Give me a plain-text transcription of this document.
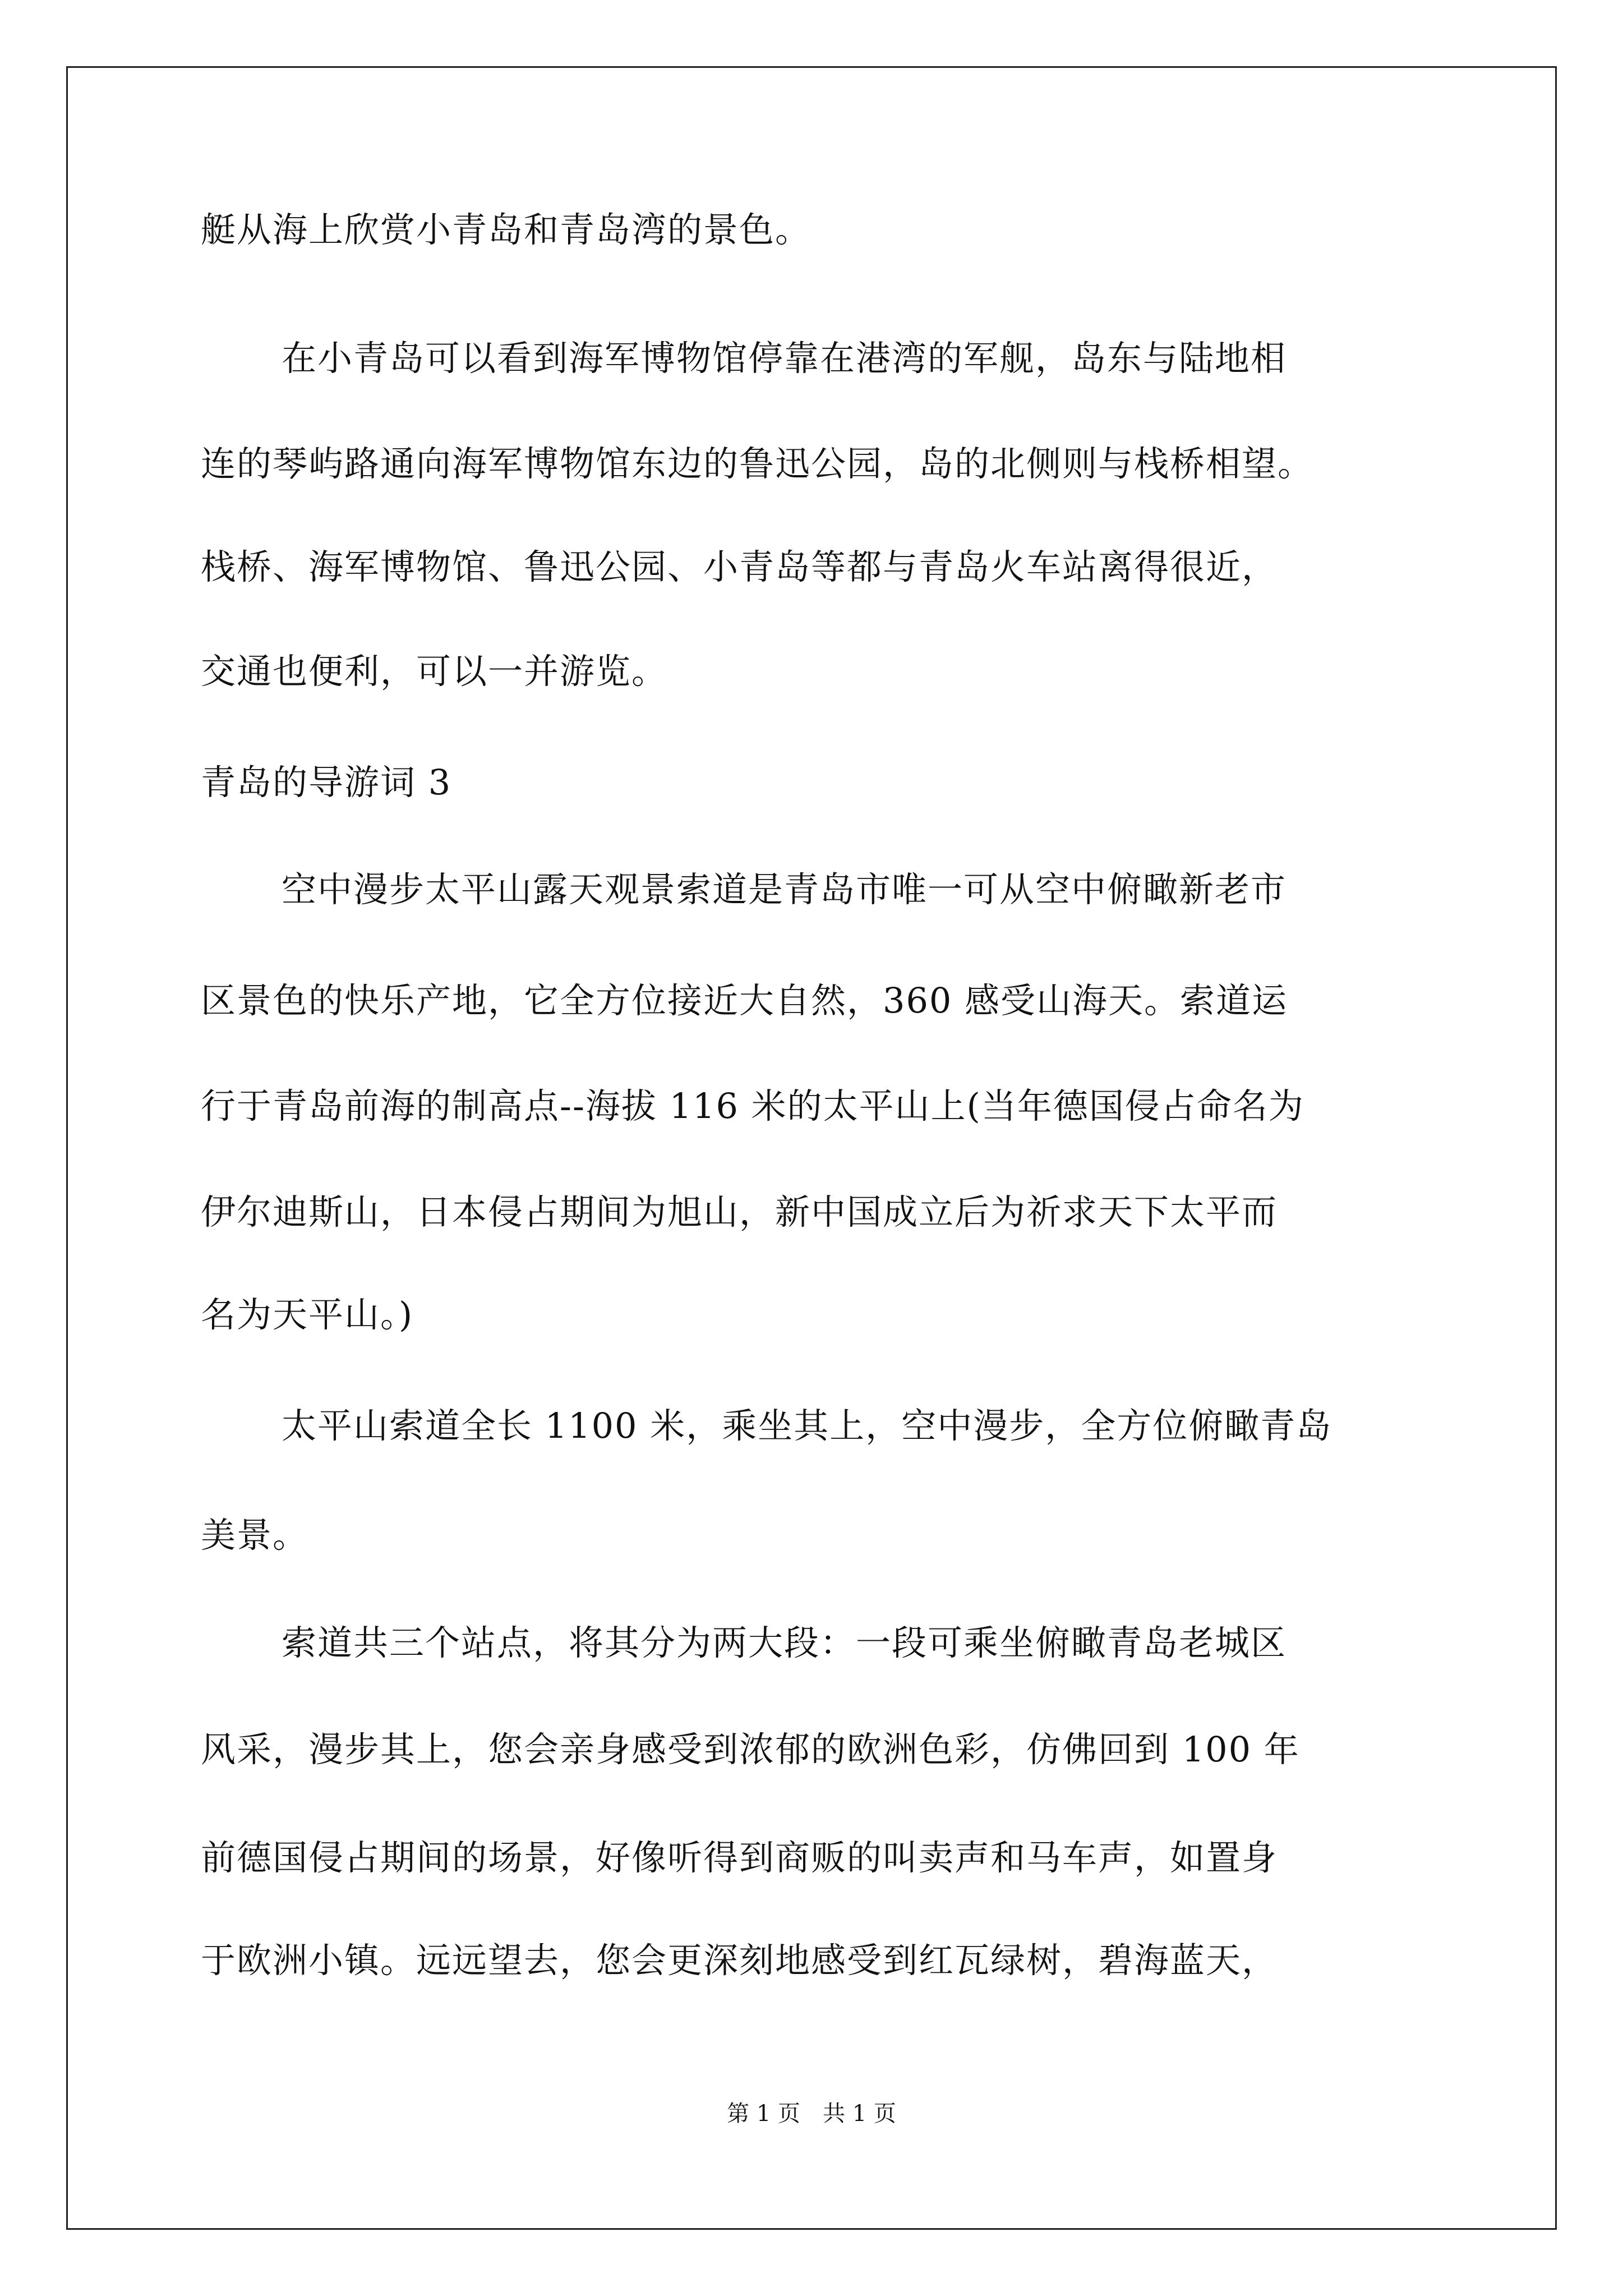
艇从海上欣赏小青岛和青岛湾的景色。
在小青岛可以看到海军博物馆停靠在港湾的军舰，岛东与陆地相
连的琴屿路通向海军博物馆东边的鲁迅公园，岛的北侧则与栈桥相望。
栈桥、海军博物馆、鲁迅公园、小青岛等都与青岛火车站离得很近，
交通也便利，可以一并游览。
青岛的导游词 3
空中漫步太平山露天观景索道是青岛市唯一可从空中俯瞰新老市
区景色的快乐产地，它全方位接近大自然，360 感受山海天。索道运
行于青岛前海的制高点--海拔 116 米的太平山上(当年德国侵占命名为
伊尔迪斯山，日本侵占期间为旭山，新中国成立后为祈求天下太平而
名为天平山。)
太平山索道全长 1100 米，乘坐其上，空中漫步，全方位俯瞰青岛
美景。
索道共三个站点，将其分为两大段：一段可乘坐俯瞰青岛老城区
风采，漫步其上，您会亲身感受到浓郁的欧洲色彩，仿佛回到 100 年
前德国侵占期间的场景，好像听得到商贩的叫卖声和马车声，如置身
于欧洲小镇。远远望去，您会更深刻地感受到红瓦绿树，碧海蓝天，
第 1 页 共 1 页
